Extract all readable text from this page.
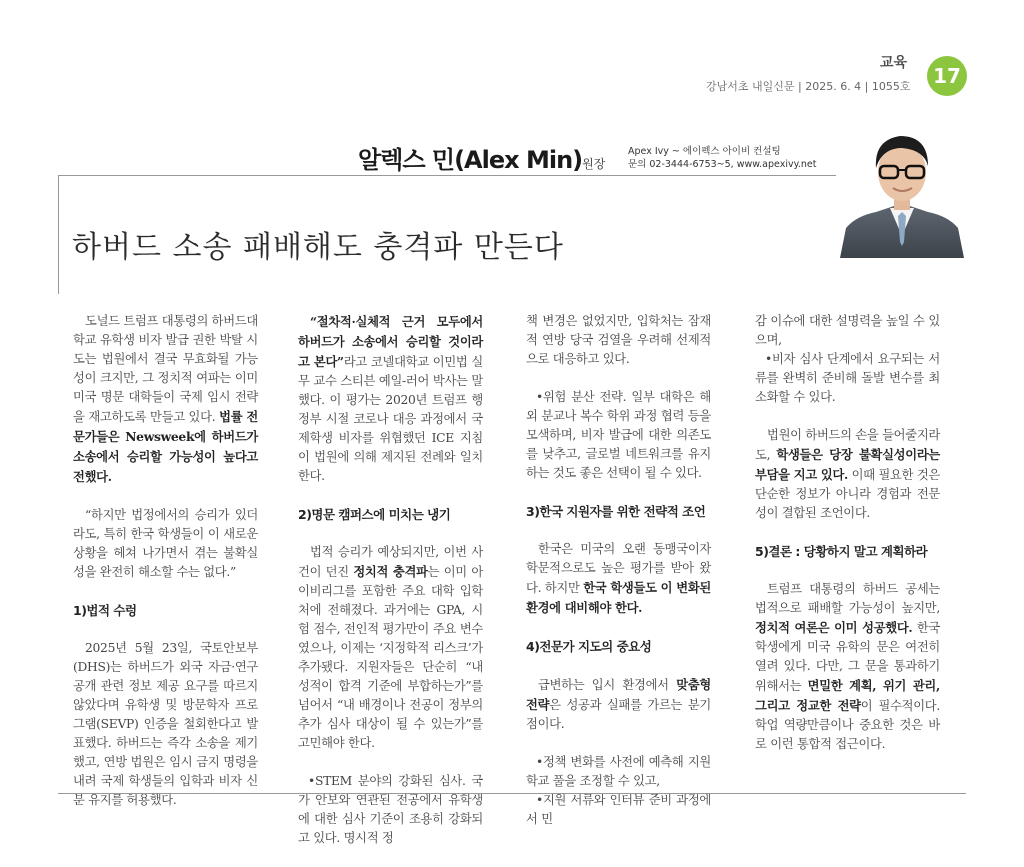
교육
강남서초 내일신문 | 2025. 6. 4 | 1055호	17
알렉스 민(Alex Min)원장
Apex Ivy ~ 에이펙스 아이비 컨설팅
문의 02-3444-6753~5, www.apexivy.net
하버드 소송 패배해도 충격파 만든다

도널드 트럼프 대통령의 하버드대학교 유학생 비자 발급 권한 박탈 시도는 법원에서 결국 무효화될 가능성이 크지만, 그 정치적 여파는 이미 미국 명문 대학들이 국제 임시 전략을 재고하도록 만들고 있다. 법률 전문가들은 Newsweek에 하버드가 소송에서 승리할 가능성이 높다고 전했다.

“하지만 법정에서의 승리가 있더라도, 특히 한국 학생들이 이 새로운 상황을 헤쳐 나가면서 겪는 불확실성을 완전히 해소할 수는 없다.”

1)법적 수렁

2025년 5월 23일, 국토안보부(DHS)는 하버드가 외국 자금·연구 공개 관련 정보 제공 요구를 따르지 않았다며 유학생 및 방문학자 프로그램(SEVP) 인증을 철회한다고 발표했다. 하버드는 즉각 소송을 제기했고, 연방 법원은 임시 금지 명령을 내려 국제 학생들의 입학과 비자 신분 유지를 허용했다.

“절차적·실체적 근거 모두에서 하버드가 소송에서 승리할 것이라고 본다”라고 코넬대학교 이민법 실무 교수 스티븐 예일-러어 박사는 말했다. 이 평가는 2020년 트럼프 행정부 시절 코로나 대응 과정에서 국제학생 비자를 위협했던 ICE 지침이 법원에 의해 제지된 전례와 일치한다.

2)명문 캠퍼스에 미치는 냉기

법적 승리가 예상되지만, 이번 사건이 던진 정치적 충격파는 이미 아이비리그를 포함한 주요 대학 입학처에 전해졌다. 과거에는 GPA, 시험 점수, 전인적 평가만이 주요 변수였으나, 이제는 ‘지정학적 리스크’가 추가됐다. 지원자들은 단순히 “내 성적이 합격 기준에 부합하는가”를 넘어서 “내 배경이나 전공이 정부의 추가 심사 대상이 될 수 있는가”를 고민해야 한다.

•STEM 분야의 강화된 심사. 국가 안보와 연관된 전공에서 유학생에 대한 심사 기준이 조용히 강화되고 있다. 명시적 정

책 변경은 없었지만, 입학처는 잠재적 연방 당국 검열을 우려해 선제적으로 대응하고 있다.

•위험 분산 전략. 일부 대학은 해외 분교나 복수 학위 과정 협력 등을 모색하며, 비자 발급에 대한 의존도를 낮추고, 글로벌 네트워크를 유지하는 것도 좋은 선택이 될 수 있다.

3)한국 지원자를 위한 전략적 조언

한국은 미국의 오랜 동맹국이자 학문적으로도 높은 평가를 받아 왔다. 하지만 한국 학생들도 이 변화된 환경에 대비해야 한다.

4)전문가 지도의 중요성

급변하는 입시 환경에서 맞춤형 전략은 성공과 실패를 가르는 분기점이다.

•정책 변화를 사전에 예측해 지원 학교 풀을 조정할 수 있고,

•지원 서류와 인터뷰 준비 과정에서 민

감 이슈에 대한 설명력을 높일 수 있으며,

•비자 심사 단계에서 요구되는 서류를 완벽히 준비해 돌발 변수를 최소화할 수 있다.

법원이 하버드의 손을 들어줄지라도, 학생들은 당장 불확실성이라는 부담을 지고 있다. 이때 필요한 것은 단순한 정보가 아니라 경험과 전문성이 결합된 조언이다.

5)결론 : 당황하지 말고 계획하라

트럼프 대통령의 하버드 공세는 법적으로 패배할 가능성이 높지만, 정치적 여론은 이미 성공했다. 한국 학생에게 미국 유학의 문은 여전히 열려 있다. 다만, 그 문을 통과하기 위해서는 면밀한 계획, 위기 관리, 그리고 정교한 전략이 필수적이다. 학업 역량만큼이나 중요한 것은 바로 이런 통합적 접근이다.
